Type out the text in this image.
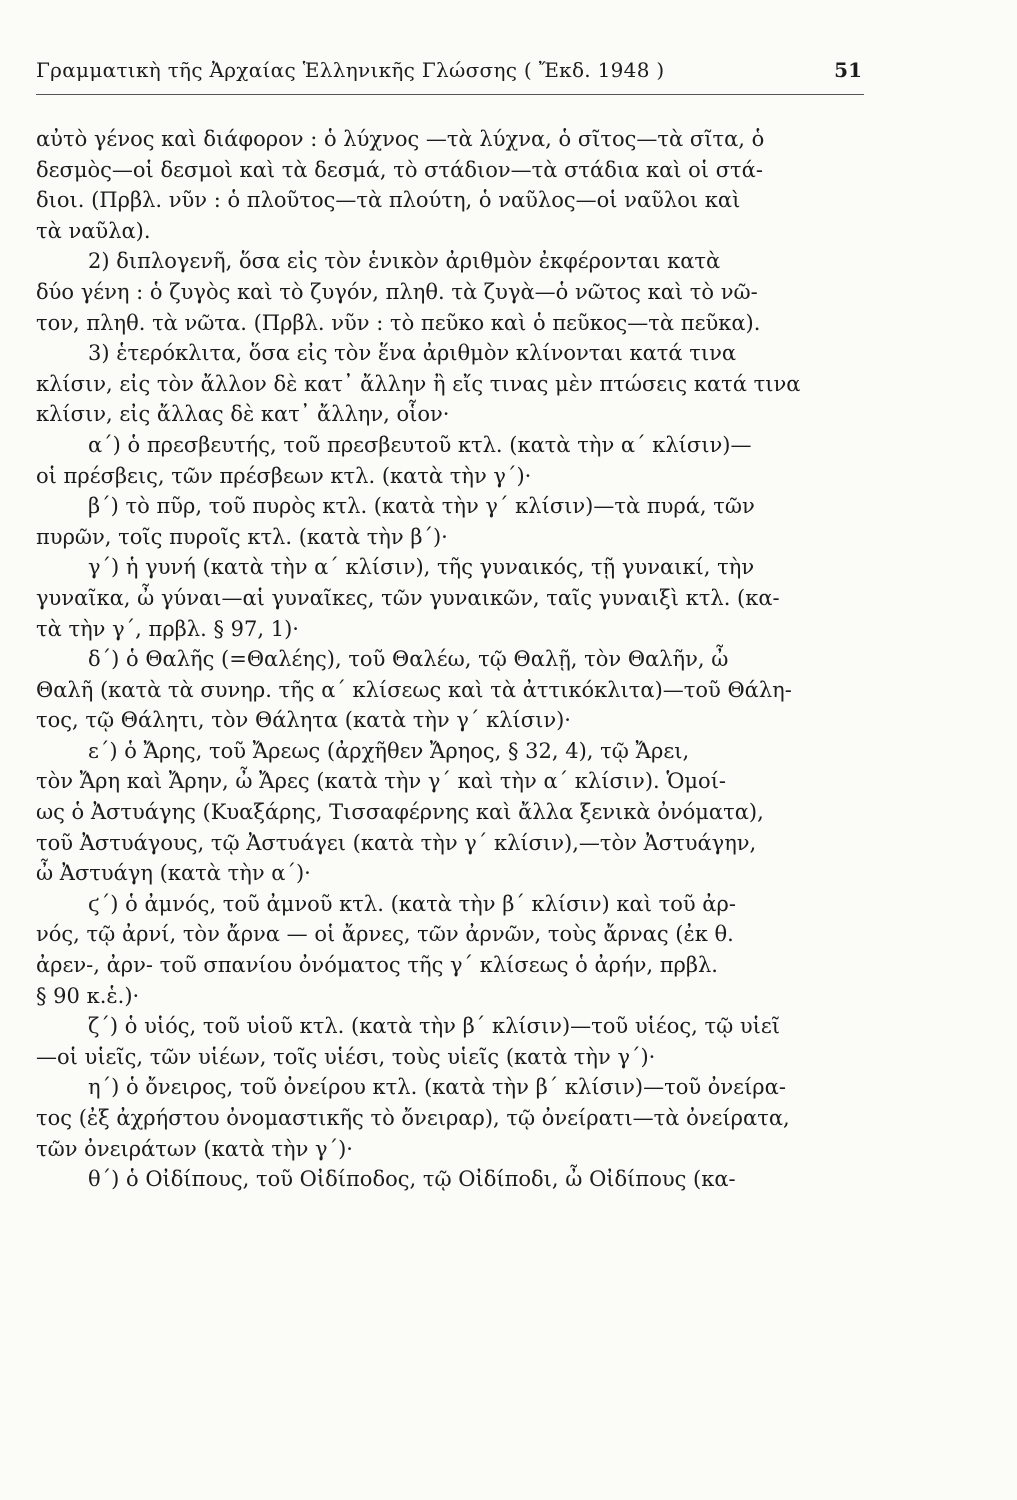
Γραμματικὴ τῆς Ἀρχαίας Ἑλληνικῆς Γλώσσης ( Ἔκδ. 1948 )	51
αὐτὸ γένος καὶ διάφορον : ὁ λύχνος —τὰ λύχνα, ὁ σῖτος—τὰ σῖτα, ὁ
δεσμὸς—οἱ δεσμοὶ καὶ τὰ δεσμά, τὸ στάδιον—τὰ στάδια καὶ οἱ στά-
διοι. (Πρβλ. νῦν : ὁ πλοῦτος—τὰ πλούτη, ὁ ναῦλος—οἱ ναῦλοι καὶ
τὰ ναῦλα).
2) διπλογενῆ, ὅσα εἰς τὸν ἑνικὸν ἀριθμὸν ἐκφέρονται κατὰ
δύο γένη : ὁ ζυγὸς καὶ τὸ ζυγόν, πληθ. τὰ ζυγὰ—ὁ νῶτος καὶ τὸ νῶ-
τον, πληθ. τὰ νῶτα. (Πρβλ. νῦν : τὸ πεῦκο καὶ ὁ πεῦκος—τὰ πεῦκα).
3) ἑτερόκλιτα, ὅσα εἰς τὸν ἕνα ἀριθμὸν κλίνονται κατά τινα
κλίσιν, εἰς τὸν ἄλλον δὲ κατ᾽ ἄλλην ἢ εἴς τινας μὲν πτώσεις κατά τινα
κλίσιν, εἰς ἄλλας δὲ κατ᾽ ἄλλην, οἷον·
α´) ὁ πρεσβευτής, τοῦ πρεσβευτοῦ κτλ. (κατὰ τὴν α´ κλίσιν)—
οἱ πρέσβεις, τῶν πρέσβεων κτλ. (κατὰ τὴν γ´)·
β´) τὸ πῦρ, τοῦ πυρὸς κτλ. (κατὰ τὴν γ´ κλίσιν)—τὰ πυρά, τῶν
πυρῶν, τοῖς πυροῖς κτλ. (κατὰ τὴν β´)·
γ´) ἡ γυνή (κατὰ τὴν α´ κλίσιν), τῆς γυναικός, τῇ γυναικί, τὴν
γυναῖκα, ὦ γύναι—αἱ γυναῖκες, τῶν γυναικῶν, ταῖς γυναιξὶ κτλ. (κα-
τὰ τὴν γ´, πρβλ. § 97, 1)·
δ´) ὁ Θαλῆς (=Θαλέης), τοῦ Θαλέω, τῷ Θαλῇ, τὸν Θαλῆν, ὦ
Θαλῆ (κατὰ τὰ συνηρ. τῆς α´ κλίσεως καὶ τὰ ἀττικόκλιτα)—τοῦ Θάλη-
τος, τῷ Θάλητι, τὸν Θάλητα (κατὰ τὴν γ´ κλίσιν)·
ε´) ὁ Ἄρης, τοῦ Ἄρεως (ἀρχῆθεν Ἄρηος, § 32, 4), τῷ Ἄρει,
τὸν Ἄρη καὶ Ἄρην, ὦ Ἄρες (κατὰ τὴν γ´ καὶ τὴν α´ κλίσιν). Ὁμοί-
ως ὁ Ἀστυάγης (Κυαξάρης, Τισσαφέρνης καὶ ἄλλα ξενικὰ ὀνόματα),
τοῦ Ἀστυάγους, τῷ Ἀστυάγει (κατὰ τὴν γ´ κλίσιν),—τὸν Ἀστυάγην,
ὦ Ἀστυάγη (κατὰ τὴν α´)·
ϛ´) ὁ ἀμνός, τοῦ ἀμνοῦ κτλ. (κατὰ τὴν β´ κλίσιν) καὶ τοῦ ἀρ-
νός, τῷ ἀρνί, τὸν ἄρνα — οἱ ἄρνες, τῶν ἀρνῶν, τοὺς ἄρνας (ἐκ θ.
ἀρεν-, ἀρν- τοῦ σπανίου ὀνόματος τῆς γ´ κλίσεως ὁ ἀρήν, πρβλ.
§ 90 κ.ἑ.)·
ζ´) ὁ υἱός, τοῦ υἱοῦ κτλ. (κατὰ τὴν β´ κλίσιν)—τοῦ υἱέος, τῷ υἱεῖ
—οἱ υἱεῖς, τῶν υἱέων, τοῖς υἱέσι, τοὺς υἱεῖς (κατὰ τὴν γ´)·
η´) ὁ ὄνειρος, τοῦ ὀνείρου κτλ. (κατὰ τὴν β´ κλίσιν)—τοῦ ὀνείρα-
τος (ἐξ ἀχρήστου ὀνομαστικῆς τὸ ὄνειραρ), τῷ ὀνείρατι—τὰ ὀνείρατα,
τῶν ὀνειράτων (κατὰ τὴν γ´)·
θ´) ὁ Οἰδίπους, τοῦ Οἰδίποδος, τῷ Οἰδίποδι, ὦ Οἰδίπους (κα-
